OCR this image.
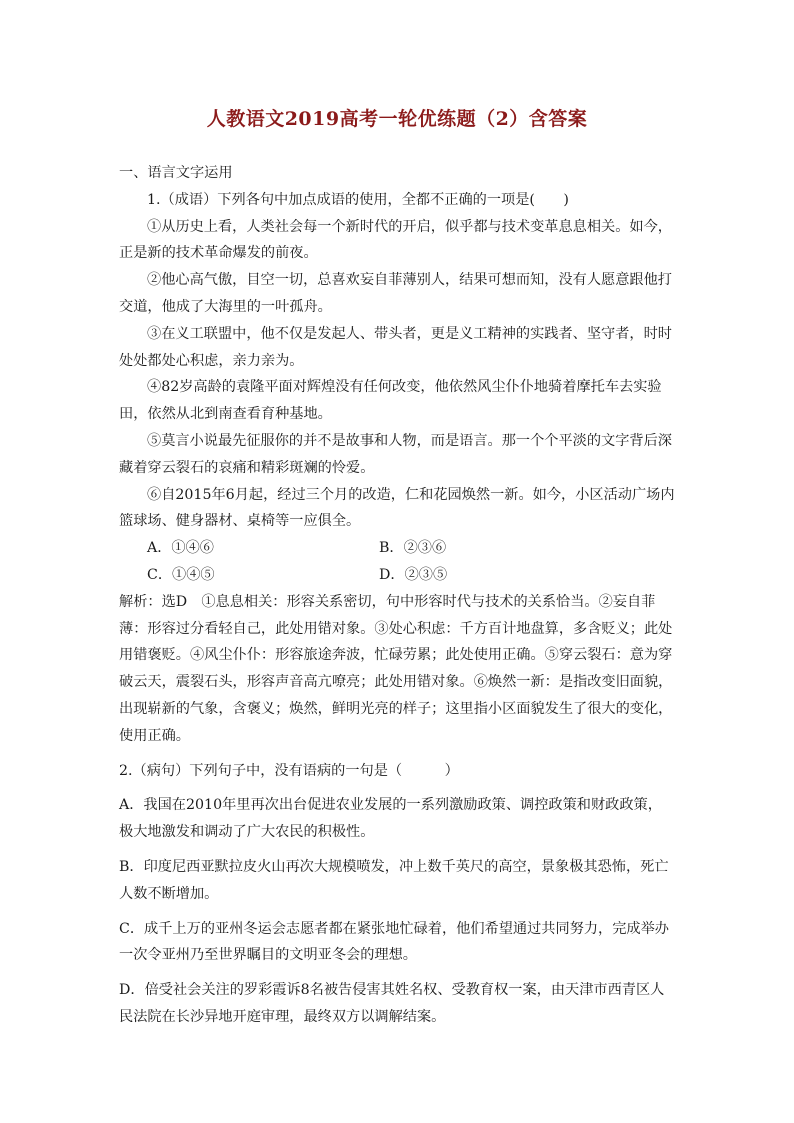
人教语文2019高考一轮优练题（2）含答案

一、语言文字运用

1.（成语）下列各句中加点成语的使用，全都不正确的一项是(　　)

①从历史上看，人类社会每一个新时代的开启，似乎都与技术变革息息相关。如今，正是新的技术革命爆发的前夜。

②他心高气傲，目空一切，总喜欢妄自菲薄别人，结果可想而知，没有人愿意跟他打交道，他成了大海里的一叶孤舟。

③在义工联盟中，他不仅是发起人、带头者，更是义工精神的实践者、坚守者，时时处处都处心积虑，亲力亲为。

④82岁高龄的袁隆平面对辉煌没有任何改变，他依然风尘仆仆地骑着摩托车去实验田，依然从北到南查看育种基地。

⑤莫言小说最先征服你的并不是故事和人物，而是语言。那一个个平淡的文字背后深藏着穿云裂石的哀痛和精彩斑斓的怜爱。

⑥自2015年6月起，经过三个月的改造，仁和花园焕然一新。如今，小区活动广场内篮球场、健身器材、桌椅等一应俱全。

A．①④⑥	B．②③⑥
C．①④⑤	D．②③⑤

解析：选D　①息息相关：形容关系密切，句中形容时代与技术的关系恰当。②妄自菲薄：形容过分看轻自己，此处用错对象。③处心积虑：千方百计地盘算，多含贬义；此处用错褒贬。④风尘仆仆：形容旅途奔波，忙碌劳累；此处使用正确。⑤穿云裂石：意为穿破云天，震裂石头，形容声音高亢嘹亮；此处用错对象。⑥焕然一新：是指改变旧面貌，出现崭新的气象，含褒义；焕然，鲜明光亮的样子；这里指小区面貌发生了很大的变化，使用正确。

2.（病句）下列句子中，没有语病的一句是（　　　）

A．我国在2010年里再次出台促进农业发展的一系列激励政策、调控政策和财政政策，极大地激发和调动了广大农民的积极性。

B．印度尼西亚默拉皮火山再次大规模喷发，冲上数千英尺的高空，景象极其恐怖，死亡人数不断增加。

C．成千上万的亚州冬运会志愿者都在紧张地忙碌着，他们希望通过共同努力，完成举办一次令亚州乃至世界瞩目的文明亚冬会的理想。

D．倍受社会关注的罗彩霞诉8名被告侵害其姓名权、受教育权一案，由天津市西青区人民法院在长沙异地开庭审理，最终双方以调解结案。
